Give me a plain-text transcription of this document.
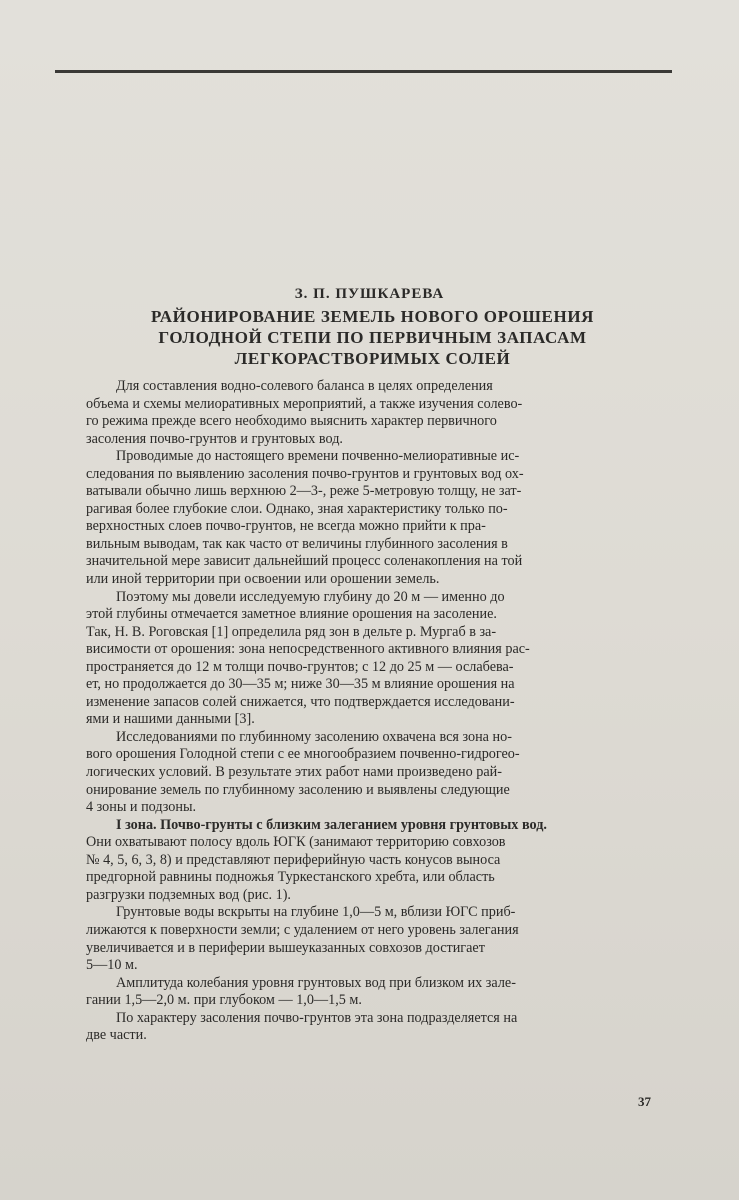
З. П. ПУШКАРЕВА
РАЙОНИРОВАНИЕ ЗЕМЕЛЬ НОВОГО ОРОШЕНИЯ
ГОЛОДНОЙ СТЕПИ ПО ПЕРВИЧНЫМ ЗАПАСАМ
ЛЕГКОРАСТВОРИМЫХ СОЛЕЙ
Для составления водно-солевого баланса в целях определения
объема и схемы мелиоративных мероприятий, а также изучения солево-
го режима прежде всего необходимо выяснить характер первичного
засоления почво-грунтов и грунтовых вод.
Проводимые до настоящего времени почвенно-мелиоративные ис-
следования по выявлению засоления почво-грунтов и грунтовых вод ох-
ватывали обычно лишь верхнюю 2—3-, реже 5-метровую толщу, не зат-
рагивая более глубокие слои. Однако, зная характеристику только по-
верхностных слоев почво-грунтов, не всегда можно прийти к пра-
вильным выводам, так как часто от величины глубинного засоления в
значительной мере зависит дальнейший процесс соленакопления на той
или иной территории при освоении или орошении земель.
Поэтому мы довели исследуемую глубину до 20 м — именно до
этой глубины отмечается заметное влияние орошения на засоление.
Так, Н. В. Роговская [1] определила ряд зон в дельте р. Мургаб в за-
висимости от орошения: зона непосредственного активного влияния рас-
пространяется до 12 м толщи почво-грунтов; с 12 до 25 м — ослабева-
ет, но продолжается до 30—35 м; ниже 30—35 м влияние орошения на
изменение запасов солей снижается, что подтверждается исследовани-
ями и нашими данными [3].
Исследованиями по глубинному засолению охвачена вся зона но-
вого орошения Голодной степи с ее многообразием почвенно-гидрогео-
логических условий. В результате этих работ нами произведено рай-
онирование земель по глубинному засолению и выявлены следующие
4 зоны и подзоны.
I зона. Почво-грунты с близким залеганием уровня грунтовых вод.
Они охватывают полосу вдоль ЮГК (занимают территорию совхозов
№ 4, 5, 6, 3, 8) и представляют периферийную часть конусов выноса
предгорной равнины подножья Туркестанского хребта, или область
разгрузки подземных вод (рис. 1).
Грунтовые воды вскрыты на глубине 1,0—5 м, вблизи ЮГС приб-
лижаются к поверхности земли; с удалением от него уровень залегания
увеличивается и в периферии вышеуказанных совхозов достигает
5—10 м.
Амплитуда колебания уровня грунтовых вод при близком их зале-
гании 1,5—2,0 м. при глубоком — 1,0—1,5 м.
По характеру засоления почво-грунтов эта зона подразделяется на
две части.
37
